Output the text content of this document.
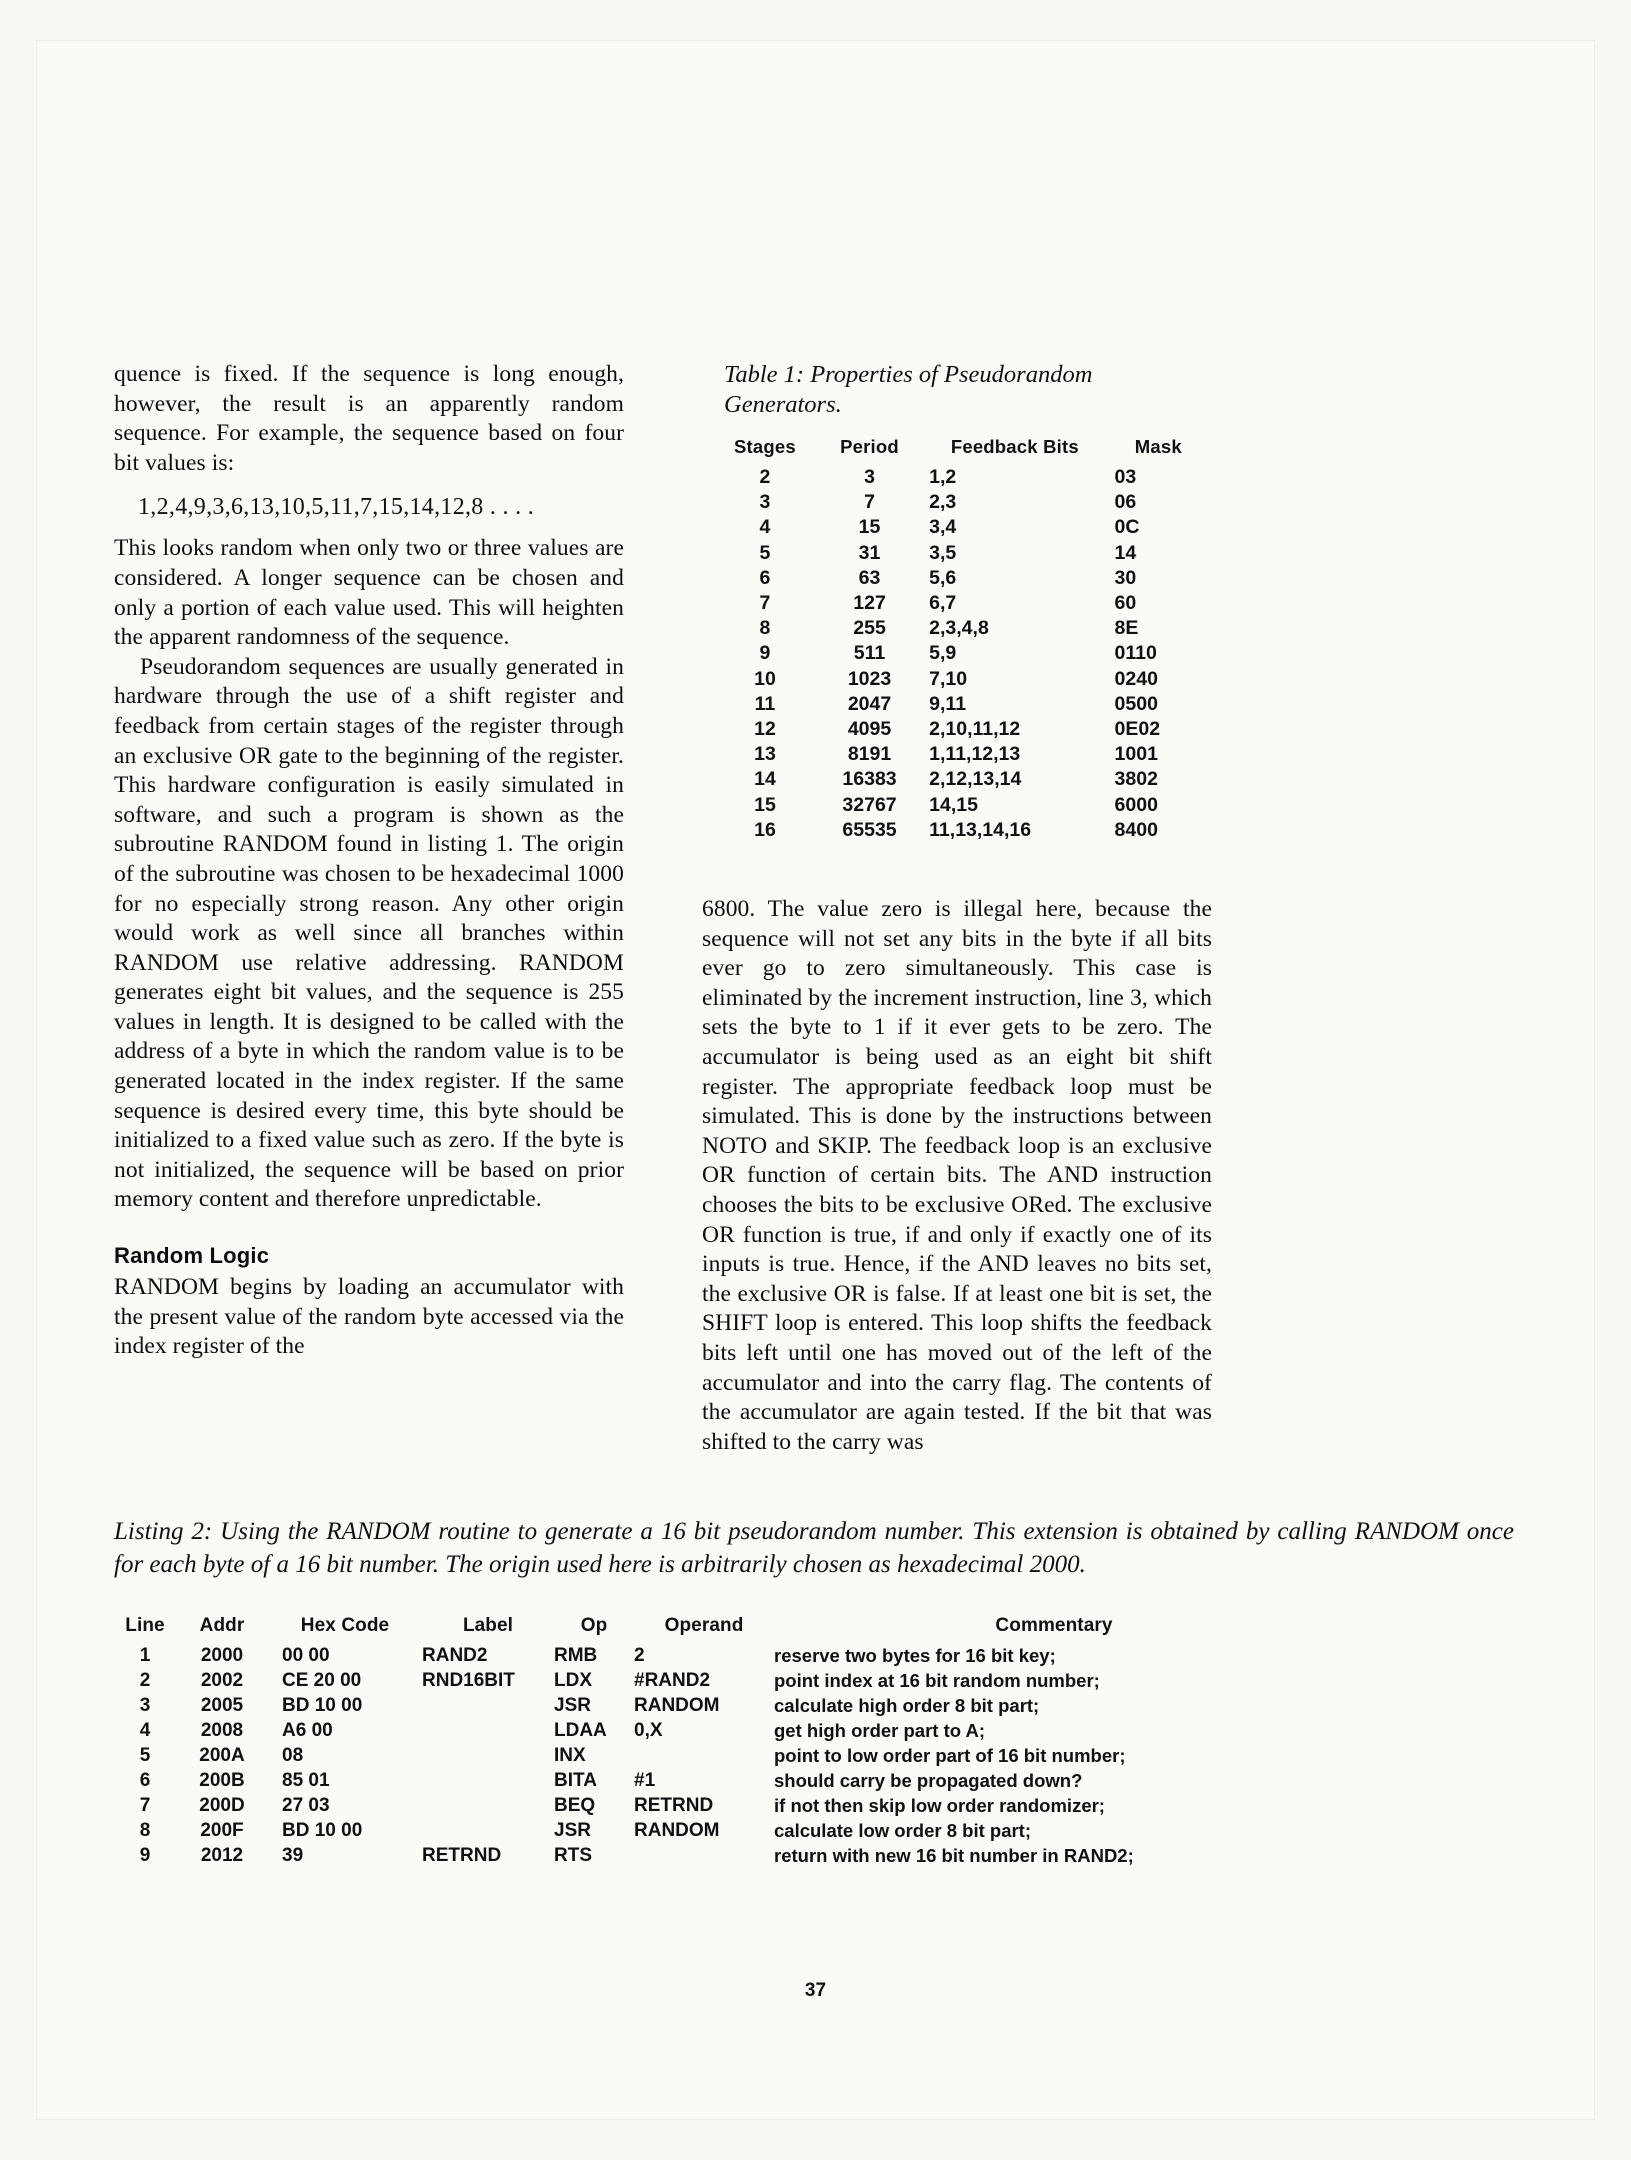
quence is fixed. If the sequence is long enough, however, the result is an apparently random sequence. For example, the sequence based on four bit values is:

1,2,4,9,3,6,13,10,5,11,7,15,14,12,8 . . . .

This looks random when only two or three values are considered. A longer sequence can be chosen and only a portion of each value used. This will heighten the apparent randomness of the sequence.

Pseudorandom sequences are usually generated in hardware through the use of a shift register and feedback from certain stages of the register through an exclusive OR gate to the beginning of the register. This hardware configuration is easily simulated in software, and such a program is shown as the subroutine RANDOM found in listing 1. The origin of the subroutine was chosen to be hexadecimal 1000 for no especially strong reason. Any other origin would work as well since all branches within RANDOM use relative addressing. RANDOM generates eight bit values, and the sequence is 255 values in length. It is designed to be called with the address of a byte in which the random value is to be generated located in the index register. If the same sequence is desired every time, this byte should be initialized to a fixed value such as zero. If the byte is not initialized, the sequence will be based on prior memory content and therefore unpredictable.

Random Logic

RANDOM begins by loading an accumulator with the present value of the random byte accessed via the index register of the

Table 1: Properties of Pseudorandom Generators.
Stages	Period	Feedback Bits	Mask
2	3	1,2	03
3	7	2,3	06
4	15	3,4	0C
5	31	3,5	14
6	63	5,6	30
7	127	6,7	60
8	255	2,3,4,8	8E
9	511	5,9	0110
10	1023	7,10	0240
11	2047	9,11	0500
12	4095	2,10,11,12	0E02
13	8191	1,11,12,13	1001
14	16383	2,12,13,14	3802
15	32767	14,15	6000
16	65535	11,13,14,16	8400

6800. The value zero is illegal here, because the sequence will not set any bits in the byte if all bits ever go to zero simultaneously. This case is eliminated by the increment instruction, line 3, which sets the byte to 1 if it ever gets to be zero. The accumulator is being used as an eight bit shift register. The appropriate feedback loop must be simulated. This is done by the instructions between NOTO and SKIP. The feedback loop is an exclusive OR function of certain bits. The AND instruction chooses the bits to be exclusive ORed. The exclusive OR function is true, if and only if exactly one of its inputs is true. Hence, if the AND leaves no bits set, the exclusive OR is false. If at least one bit is set, the SHIFT loop is entered. This loop shifts the feedback bits left until one has moved out of the left of the accumulator and into the carry flag. The contents of the accumulator are again tested. If the bit that was shifted to the carry was

Listing 2: Using the RANDOM routine to generate a 16 bit pseudorandom number. This extension is obtained by calling RANDOM once for each byte of a 16 bit number. The origin used here is arbitrarily chosen as hexadecimal 2000.
Line	Addr	Hex Code	Label	Op	Operand	Commentary
1	2000	00 00	RAND2	RMB	2	reserve two bytes for 16 bit key;
2	2002	CE 20 00	RND16BIT	LDX	#RAND2	point index at 16 bit random number;
3	2005	BD 10 00		JSR	RANDOM	calculate high order 8 bit part;
4	2008	A6 00		LDAA	0,X	get high order part to A;
5	200A	08		INX		point to low order part of 16 bit number;
6	200B	85 01		BITA	#1	should carry be propagated down?
7	200D	27 03		BEQ	RETRND	if not then skip low order randomizer;
8	200F	BD 10 00		JSR	RANDOM	calculate low order 8 bit part;
9	2012	39	RETRND	RTS		return with new 16 bit number in RAND2;
37
